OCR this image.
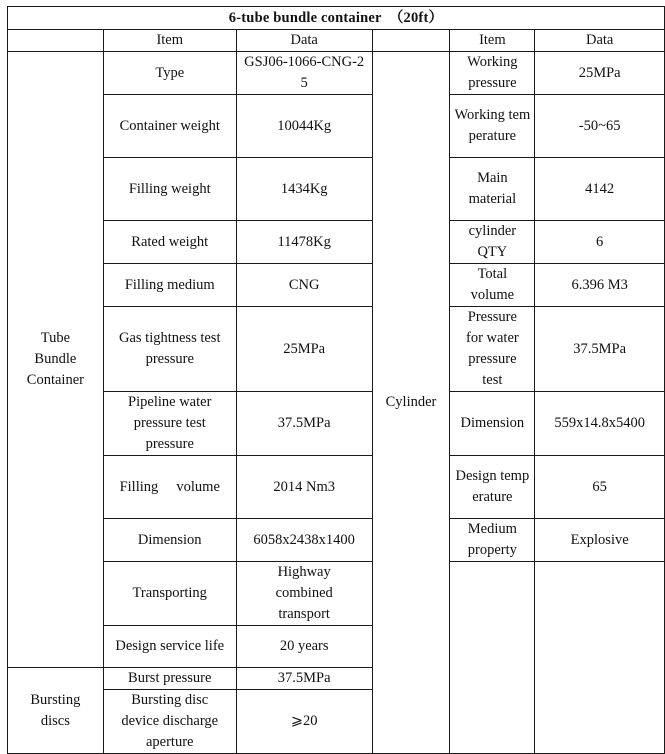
6-tube bundle container　（20ft）					
	Item	Data		Item	Data

Tube Bundle Container	Type	GSJ06-1066-CNG-25	Cylinder	Working pressure	25MPa
	Container weight	10044Kg		Working temperature	-50~65
	Filling weight	1434Kg		Main material	4142
	Rated weight	11478Kg		cylinder QTY	6
	Filling medium	CNG		Total volume	6.396 M3

	Gas tightness test pressure	25MPa		Pressure for water pressure test	37.5MPa

	Pipeline water pressure test pressure	37.5MPa		Dimension	559x14.8x5400
	Filling　 volume	2014 Nm3		Design temperature	65
	Dimension	6058x2438x1400		Medium property	Explosive
	Transporting	Highway combined transport			

	Design service life	20 years			

Bursting discs	Burst pressure	37.5MPa			

	Bursting disc device discharge aperture	⩾20			
